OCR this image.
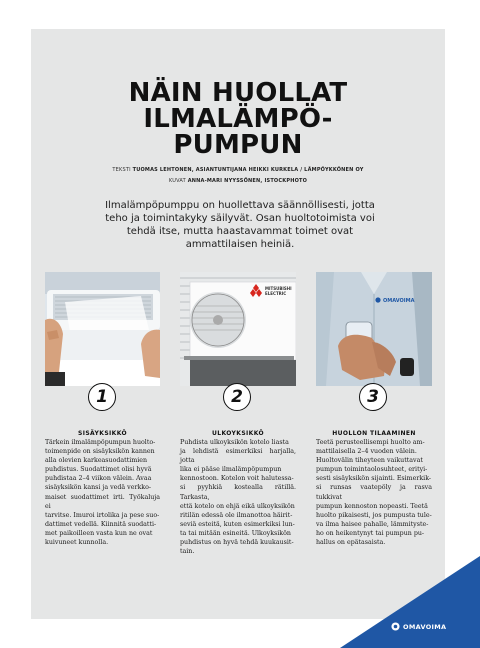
NÄIN HUOLLAT
ILMALÄMPÖ-
PUMPUN
TEKSTI TUOMAS LEHTONEN, ASIANTUNTIJANA HEIKKI KURKELA / LÄMPÖYKKÖNEN OY
KUVAT ANNA-MARI NYYSSÖNEN, ISTOCKPHOTO
Ilmalämpöpumppu on huollettava säännöllisesti, jotta teho ja toimintakyky säilyvät. Osan huoltotoimista voi tehdä itse, mutta haastavammat toimet ovat ammattilaisen heiniä.
MITSUBISHI
ELECTRIC
OMAVOIMA
1	2	3
SISÄYKSIKKÖ	ULKOYKSIKKÖ	HUOLLON TILAAMINEN
Tärkein ilmalämpöpumpun huolto-
toimenpide on sisäyksikön kannen
alla olevien karkeasuodattimien
puhdistus. Suodattimet olisi hyvä
puhdistaa 2–4 viikon välein. Avaa
sisäyksikön kansi ja vedä verkko-
maiset suodattimet irti. Työkaluja ei
tarvitse. Imuroi irtolika ja pese suo-
dattimet vedellä. Kiinnitä suodatti-
met paikoilleen vasta kun ne ovat
kuivuneet kunnolla.
Puhdista ulkoyksikön kotelo liasta
ja lehdistä esimerkiksi harjalla, jotta
lika ei pääse ilmalämpöpumpun
kennostoon. Kotelon voit halutessa-
si pyyhkiä kostealla rätillä. Tarkasta,
että kotelo on ehjä eikä ulkoyksikön
ritilän edessä ole ilmanottoa häirit-
seviä esteitä, kuten esimerkiksi lun-
ta tai mitään esineitä. Ulkoyksikön
puhdistus on hyvä tehdä kuukausit-
tain.
Teetä perusteellisempi huolto am-
mattilaisella 2–4 vuoden välein.
Huoltovälin tiheyteen vaikuttavat
pumpun toimintaolosuhteet, erityi-
sesti sisäyksikön sijainti. Esimerkik-
si runsas vaatepöly ja rasva tukkivat
pumpun kennoston nopeasti. Teetä
huolto pikaisesti, jos pumpusta tule-
va ilma haisee pahalle, lämmityste-
ho on heikentynyt tai pumpun pu-
hallus on epätasaista.
OMAVOIMA
